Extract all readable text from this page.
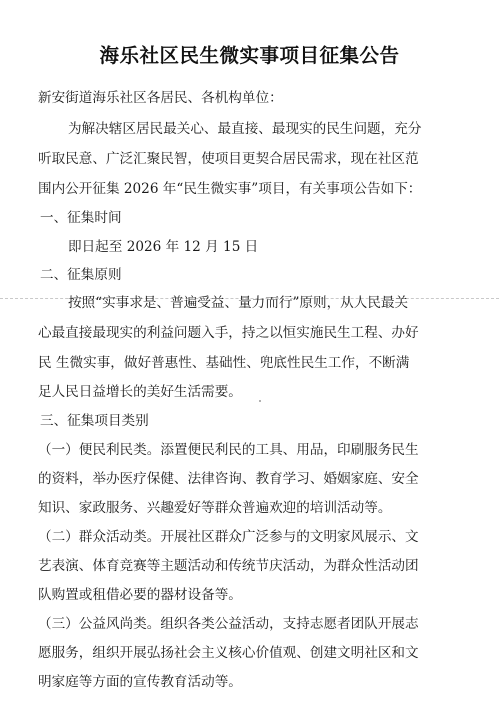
海乐社区民生微实事项目征集公告
新安街道海乐社区各居民、各机构单位：
为解决辖区居民最关心、最直接、最现实的民生问题，充分
听取民意、广泛汇聚民智，使项目更契合居民需求，现在社区范
围内公开征集 2026 年“民生微实事”项目，有关事项公告如下：
一、征集时间
即日起至 2026 年 12 月 15 日
二、征集原则
按照“实事求是、普遍受益、量力而行”原则，从人民最关
心最直接最现实的利益问题入手，持之以恒实施民生工程、办好
民 生微实事，做好普惠性、基础性、兜底性民生工作，不断满
足人民日益增长的美好生活需要。
三、征集项目类别
（一）便民利民类。添置便民利民的工具、用品，印刷服务民生
的资料，举办医疗保健、法律咨询、教育学习、婚姻家庭、安全
知识、家政服务、兴趣爱好等群众普遍欢迎的培训活动等。
（二）群众活动类。开展社区群众广泛参与的文明家风展示、文
艺表演、体育竞赛等主题活动和传统节庆活动，为群众性活动团
队购置或租借必要的器材设备等。
（三）公益风尚类。组织各类公益活动，支持志愿者团队开展志
愿服务，组织开展弘扬社会主义核心价值观、创建文明社区和文
明家庭等方面的宣传教育活动等。
